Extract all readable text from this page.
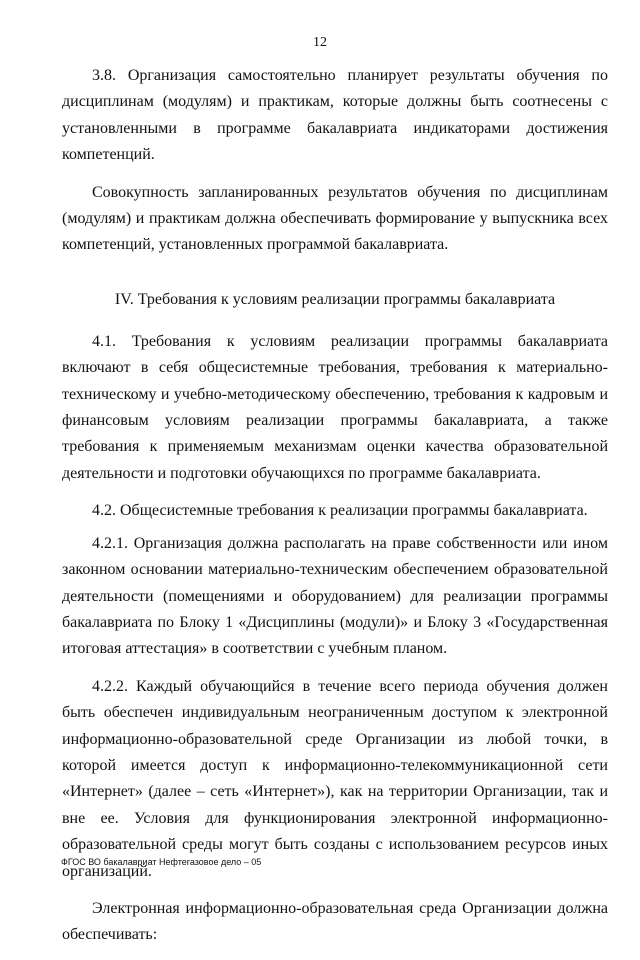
12

3.8. Организация самостоятельно планирует результаты обучения по дисциплинам (модулям) и практикам, которые должны быть соотнесены с установленными в программе бакалавриата индикаторами достижения компетенций.

Совокупность запланированных результатов обучения по дисциплинам (модулям) и практикам должна обеспечивать формирование у выпускника всех компетенций, установленных программой бакалавриата.

IV. Требования к условиям реализации программы бакалавриата

4.1. Требования к условиям реализации программы бакалавриата включают в себя общесистемные требования, требования к материально-техническому и учебно-методическому обеспечению, требования к кадровым и финансовым условиям реализации программы бакалавриата, а также требования к применяемым механизмам оценки качества образовательной деятельности и подготовки обучающихся по программе бакалавриата.

4.2. Общесистемные требования к реализации программы бакалавриата.

4.2.1. Организация должна располагать на праве собственности или ином законном основании материально-техническим обеспечением образовательной деятельности (помещениями и оборудованием) для реализации программы бакалавриата по Блоку 1 «Дисциплины (модули)» и Блоку 3 «Государственная итоговая аттестация» в соответствии с учебным планом.

4.2.2. Каждый обучающийся в течение всего периода обучения должен быть обеспечен индивидуальным неограниченным доступом к электронной информационно-образовательной среде Организации из любой точки, в которой имеется доступ к информационно-телекоммуникационной сети «Интернет» (далее – сеть «Интернет»), как на территории Организации, так и вне ее. Условия для функционирования электронной информационно-образовательной среды могут быть созданы с использованием ресурсов иных организаций.

Электронная информационно-образовательная среда Организации должна обеспечивать:

ФГОС ВО бакалавриат Нефтегазовое дело – 05
